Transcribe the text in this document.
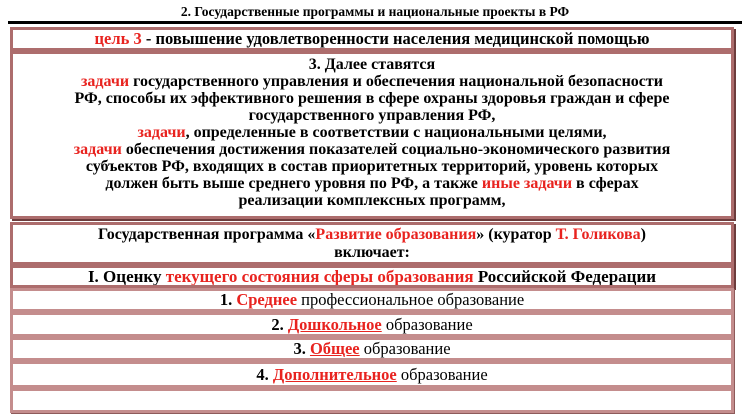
2. Государственные программы и национальные проекты в РФ
цель 3 - повышение удовлетворенности населения медицинской помощью
3. Далее ставятся
задачи государственного управления и обеспечения национальной безопасности
РФ, способы их эффективного решения в сфере охраны здоровья граждан и сфере
государственного управления РФ,
задачи, определенные в соответствии с национальными целями,
задачи обеспечения достижения показателей социально-экономического развития
субъектов РФ, входящих в состав приоритетных территорий, уровень которых
должен быть выше среднего уровня по РФ, а также иные задачи в сферах
реализации комплексных программ,
Государственная программа «Развитие образования» (куратор Т. Голикова)
включает:
I. Оценку текущего состояния сферы образования Российской Федерации
1. Среднее профессиональное образование
2. Дошкольное образование
3. Общее образование
4. Дополнительное образование
